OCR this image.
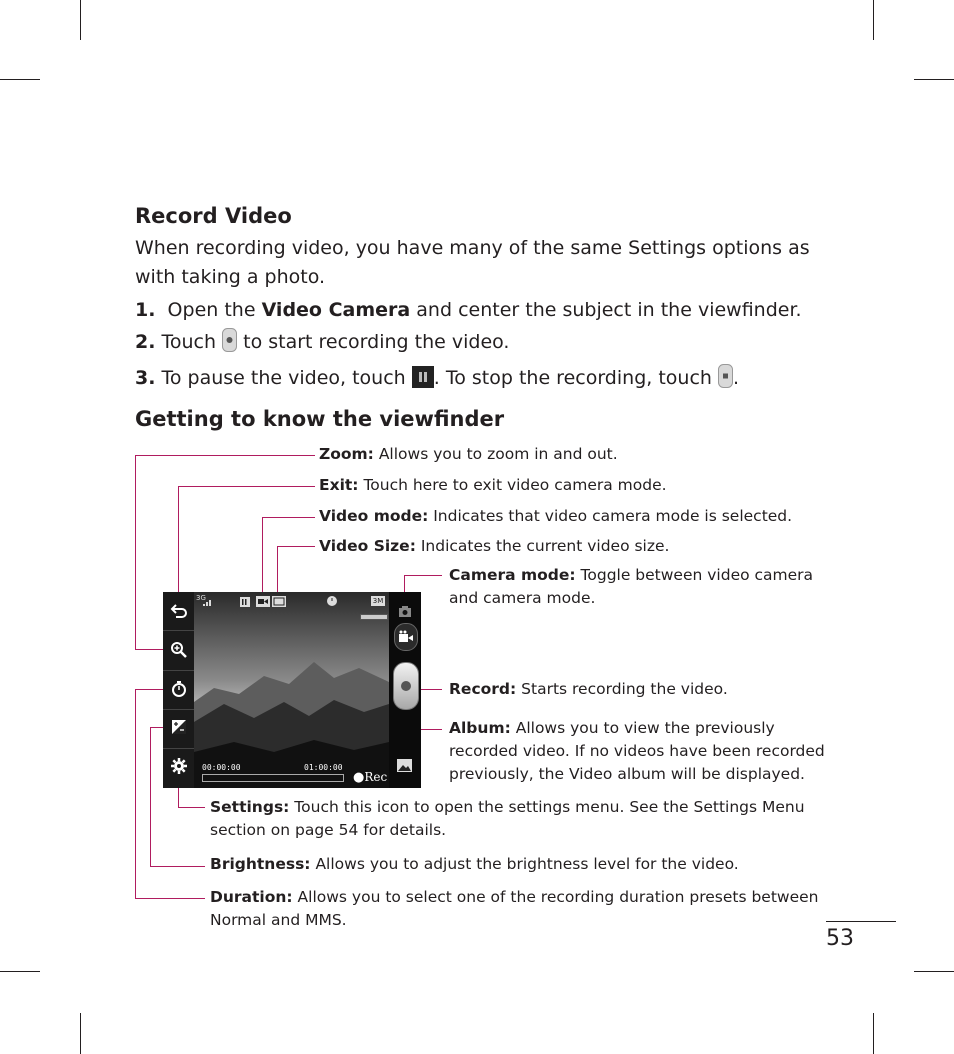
Record Video
When recording video, you have many of the same Settings options as
with taking a photo.
1. Open the Video Camera and center the subject in the viewfinder.
2. Touch  to start recording the video.
3. To pause the video, touch . To stop the recording, touch .
Getting to know the viewfinder
Zoom: Allows you to zoom in and out.
Exit: Touch here to exit video camera mode.
Video mode: Indicates that video camera mode is selected.
Video Size: Indicates the current video size.
Camera mode: Toggle between video camera
and camera mode.
Record: Starts recording the video.
Album: Allows you to view the previously
recorded video. If no videos have been recorded
previously, the Video album will be displayed.
Settings: Touch this icon to open the settings menu. See the Settings Menu
section on page 54 for details.
Brightness: Allows you to adjust the brightness level for the video.
Duration: Allows you to select one of the recording duration presets between
Normal and MMS.
3G	3M
00:00:00	01:00:00
●Rec
53
